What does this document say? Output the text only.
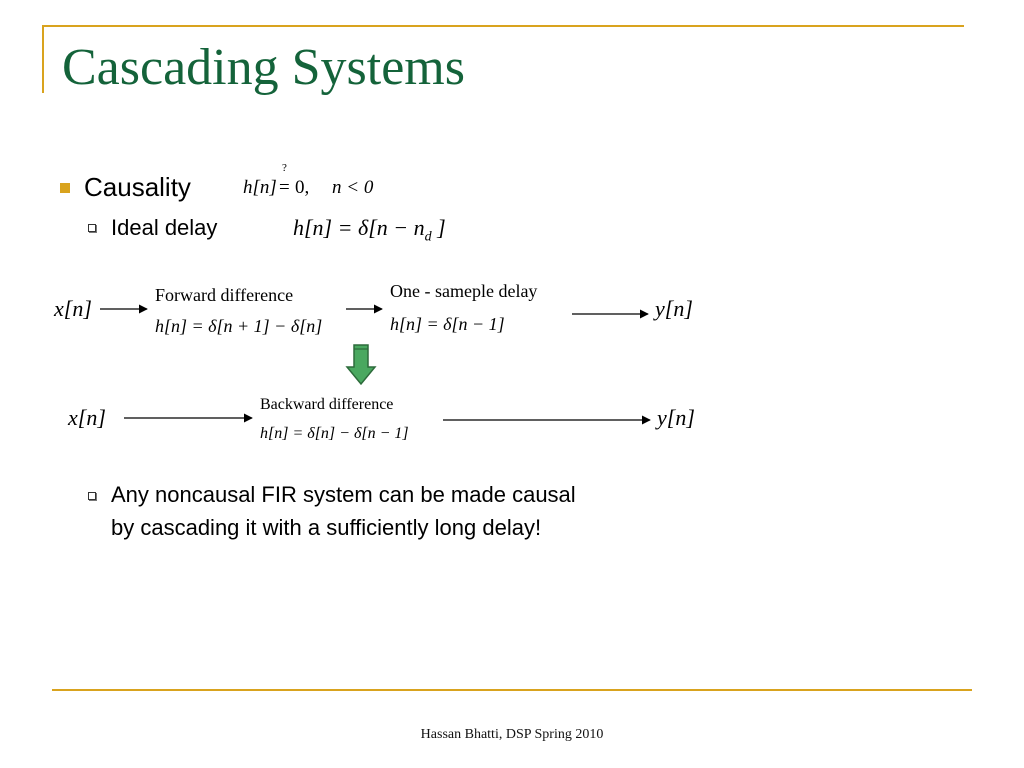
Cascading Systems
Causality	h[n]
?
= 0, n < 0
Ideal delay	$h[n] = \delta[n - n_d$ ]
x[n]
Forward difference
h[n] = δ[n + 1] − δ[n]
One - sameple delay
h[n] = δ[n − 1]
y[n]
x[n]
Backward difference
h[n] = δ[n] − δ[n − 1]
y[n]
Any noncausal FIR system can be made causal
by cascading it with a sufficiently long delay!
Hassan Bhatti, DSP Spring 2010
